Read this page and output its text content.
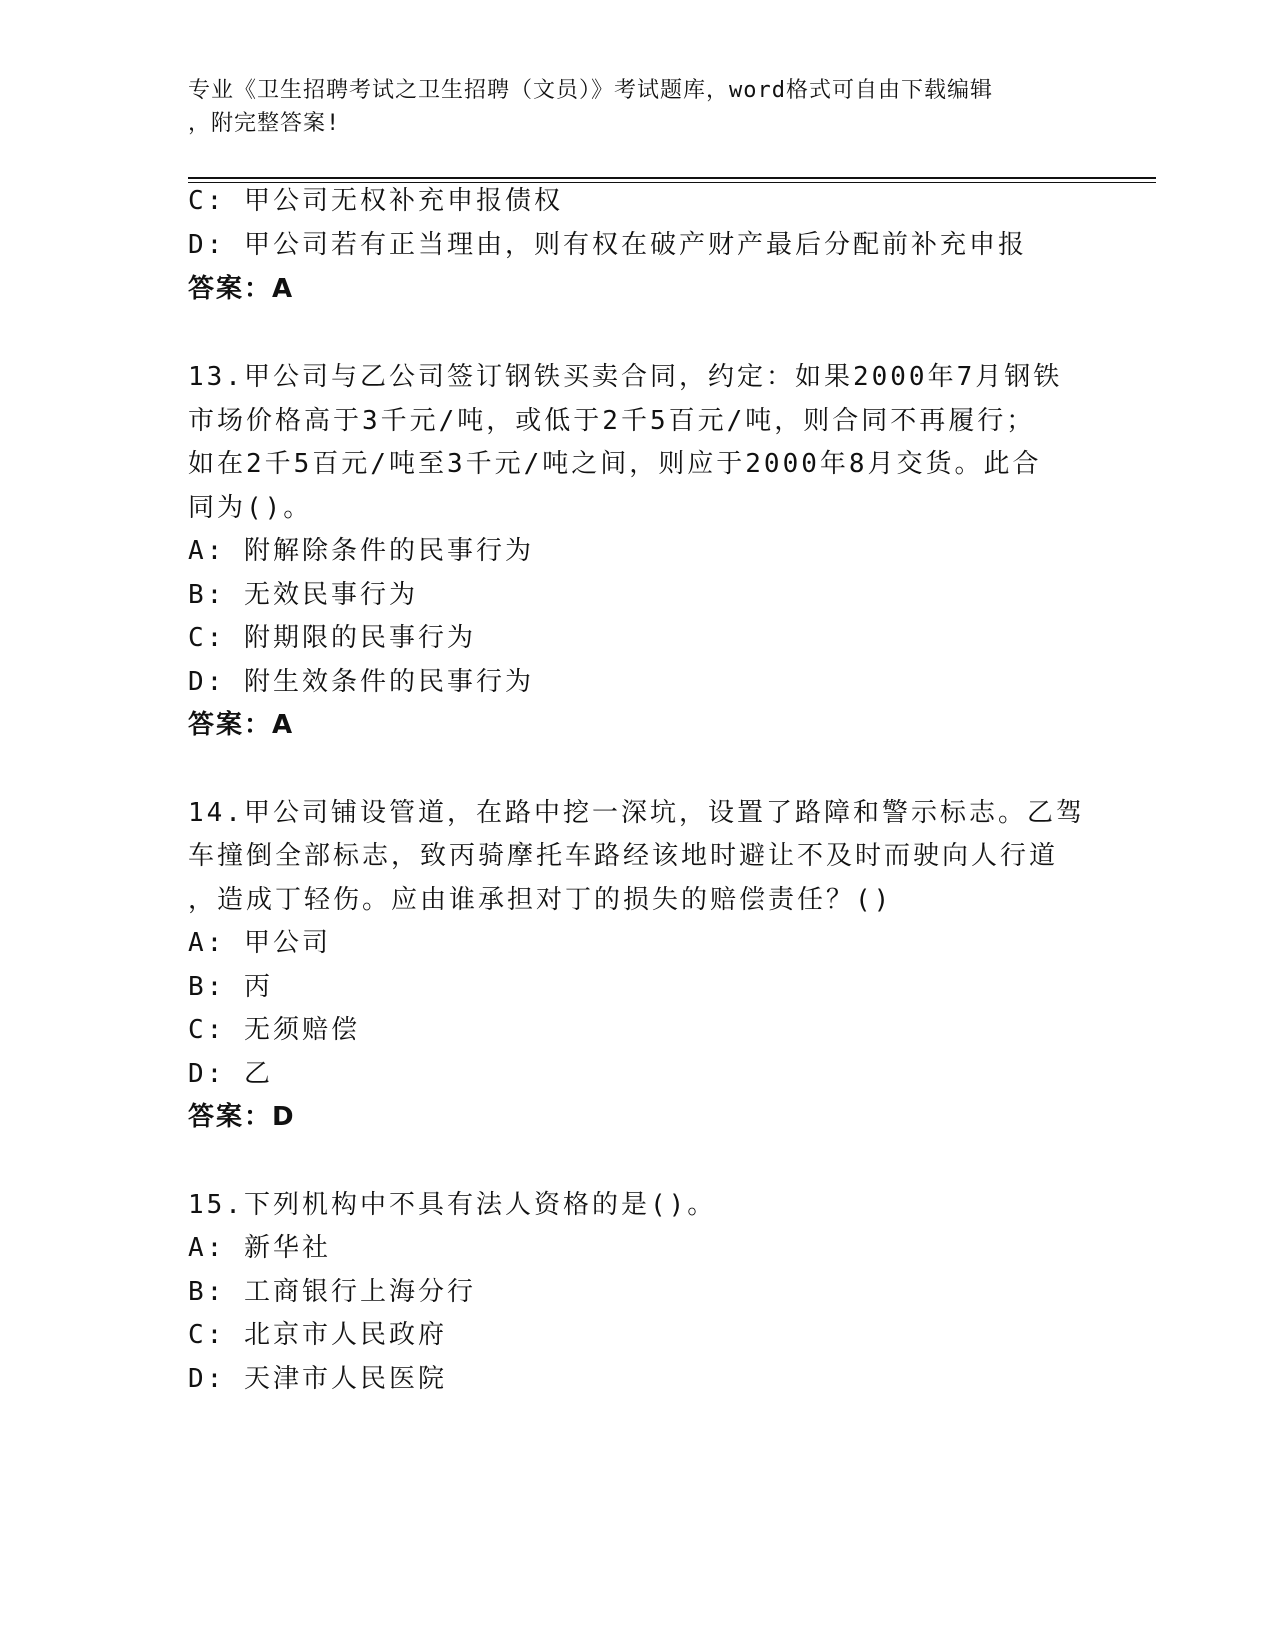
专业《卫生招聘考试之卫生招聘（文员）》考试题库，word格式可自由下载编辑
，附完整答案!
C: 甲公司无权补充申报债权
D: 甲公司若有正当理由，则有权在破产财产最后分配前补充申报
答案：A
13.甲公司与乙公司签订钢铁买卖合同，约定：如果2000年7月钢铁
市场价格高于3千元/吨，或低于2千5百元/吨，则合同不再履行；
如在2千5百元/吨至3千元/吨之间，则应于2000年8月交货。此合
同为()。
A: 附解除条件的民事行为
B: 无效民事行为
C: 附期限的民事行为
D: 附生效条件的民事行为
答案：A
14.甲公司铺设管道，在路中挖一深坑，设置了路障和警示标志。乙驾
车撞倒全部标志，致丙骑摩托车路经该地时避让不及时而驶向人行道
，造成丁轻伤。应由谁承担对丁的损失的赔偿责任？()
A: 甲公司
B: 丙
C: 无须赔偿
D: 乙
答案：D
15.下列机构中不具有法人资格的是()。
A: 新华社
B: 工商银行上海分行
C: 北京市人民政府
D: 天津市人民医院
